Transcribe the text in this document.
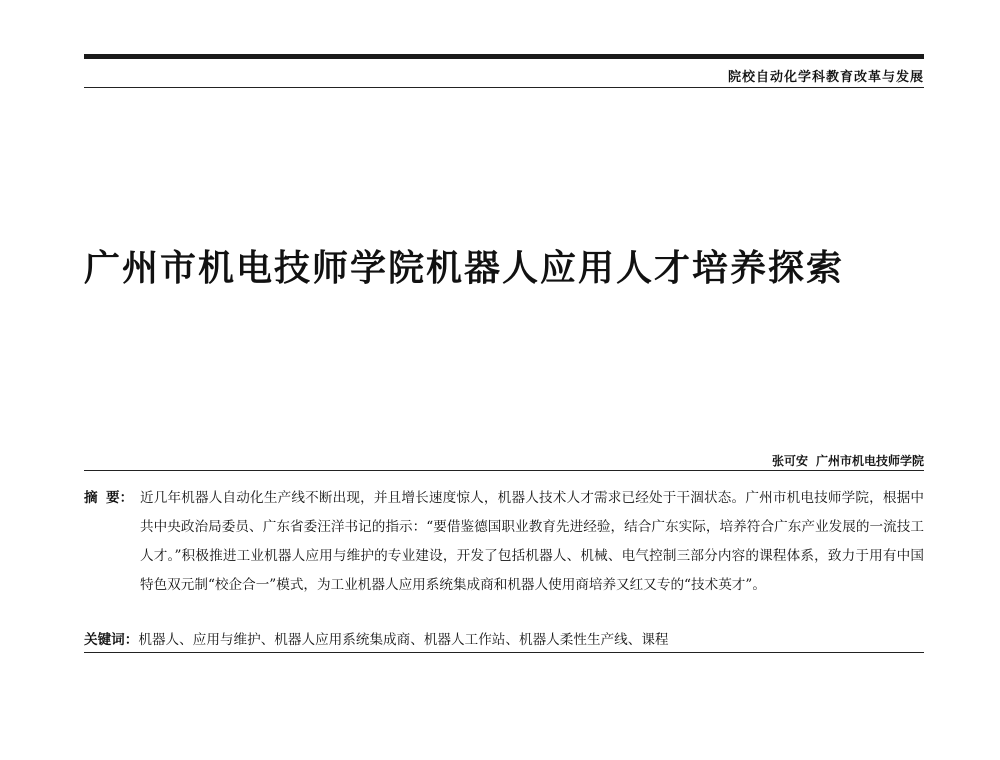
院校自动化学科教育改革与发展
广州市机电技师学院机器人应用人才培养探索
张可安 广州市机电技师学院
摘 要： 近几年机器人自动化生产线不断出现，并且增长速度惊人，机器人技术人才需求已经处于干涸状态。广州市机电技师学院，根据中共中央政治局委员、广东省委汪洋书记的指示：“要借鉴德国职业教育先进经验，结合广东实际，培养符合广东产业发展的一流技工人才。”积极推进工业机器人应用与维护的专业建设，开发了包括机器人、机械、电气控制三部分内容的课程体系，致力于用有中国特色双元制“校企合一”模式，为工业机器人应用系统集成商和机器人使用商培养又红又专的“技术英才”。
关键词：机器人、应用与维护、机器人应用系统集成商、机器人工作站、机器人柔性生产线、课程
